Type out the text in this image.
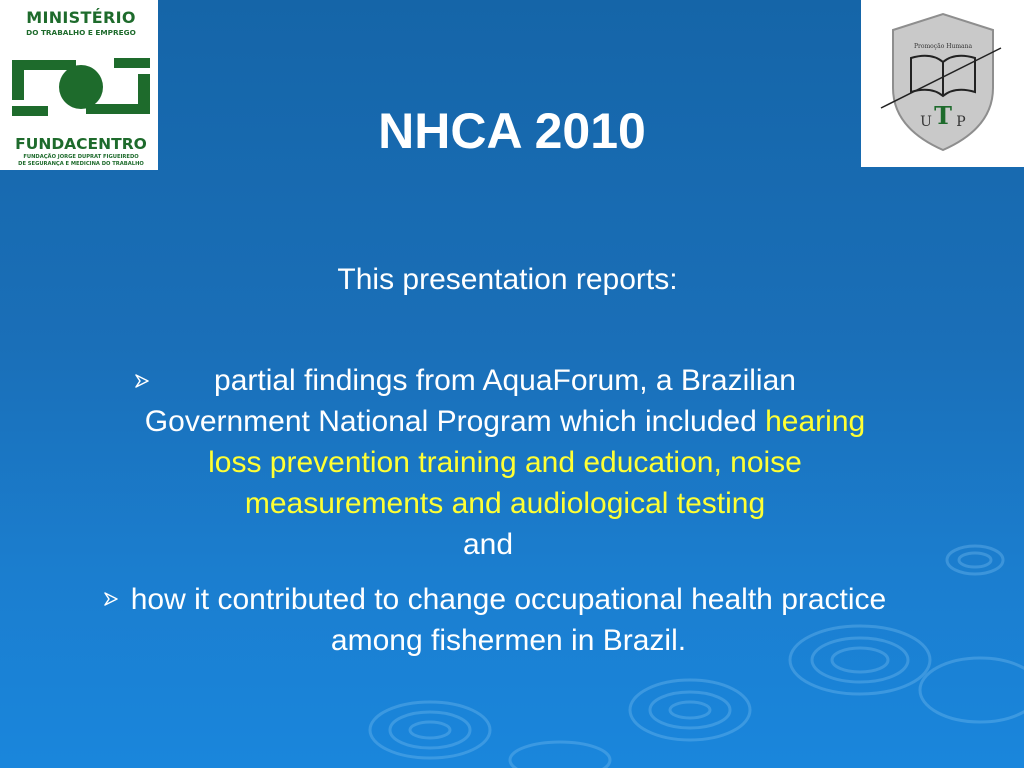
MINISTÉRIO
DO TRABALHO E EMPREGO
FUNDACENTRO
FUNDAÇÃO JORGE DUPRAT FIGUEIREDO
DE SEGURANÇA E MEDICINA DO TRABALHO
Promoção Humana
U T P
NHCA 2010
This presentation reports:
partial findings from AquaForum, a Brazilian Government National Program which included hearing loss prevention training and education, noise measurements and audiological testing
and
how it contributed to change occupational health practice among fishermen in Brazil.
